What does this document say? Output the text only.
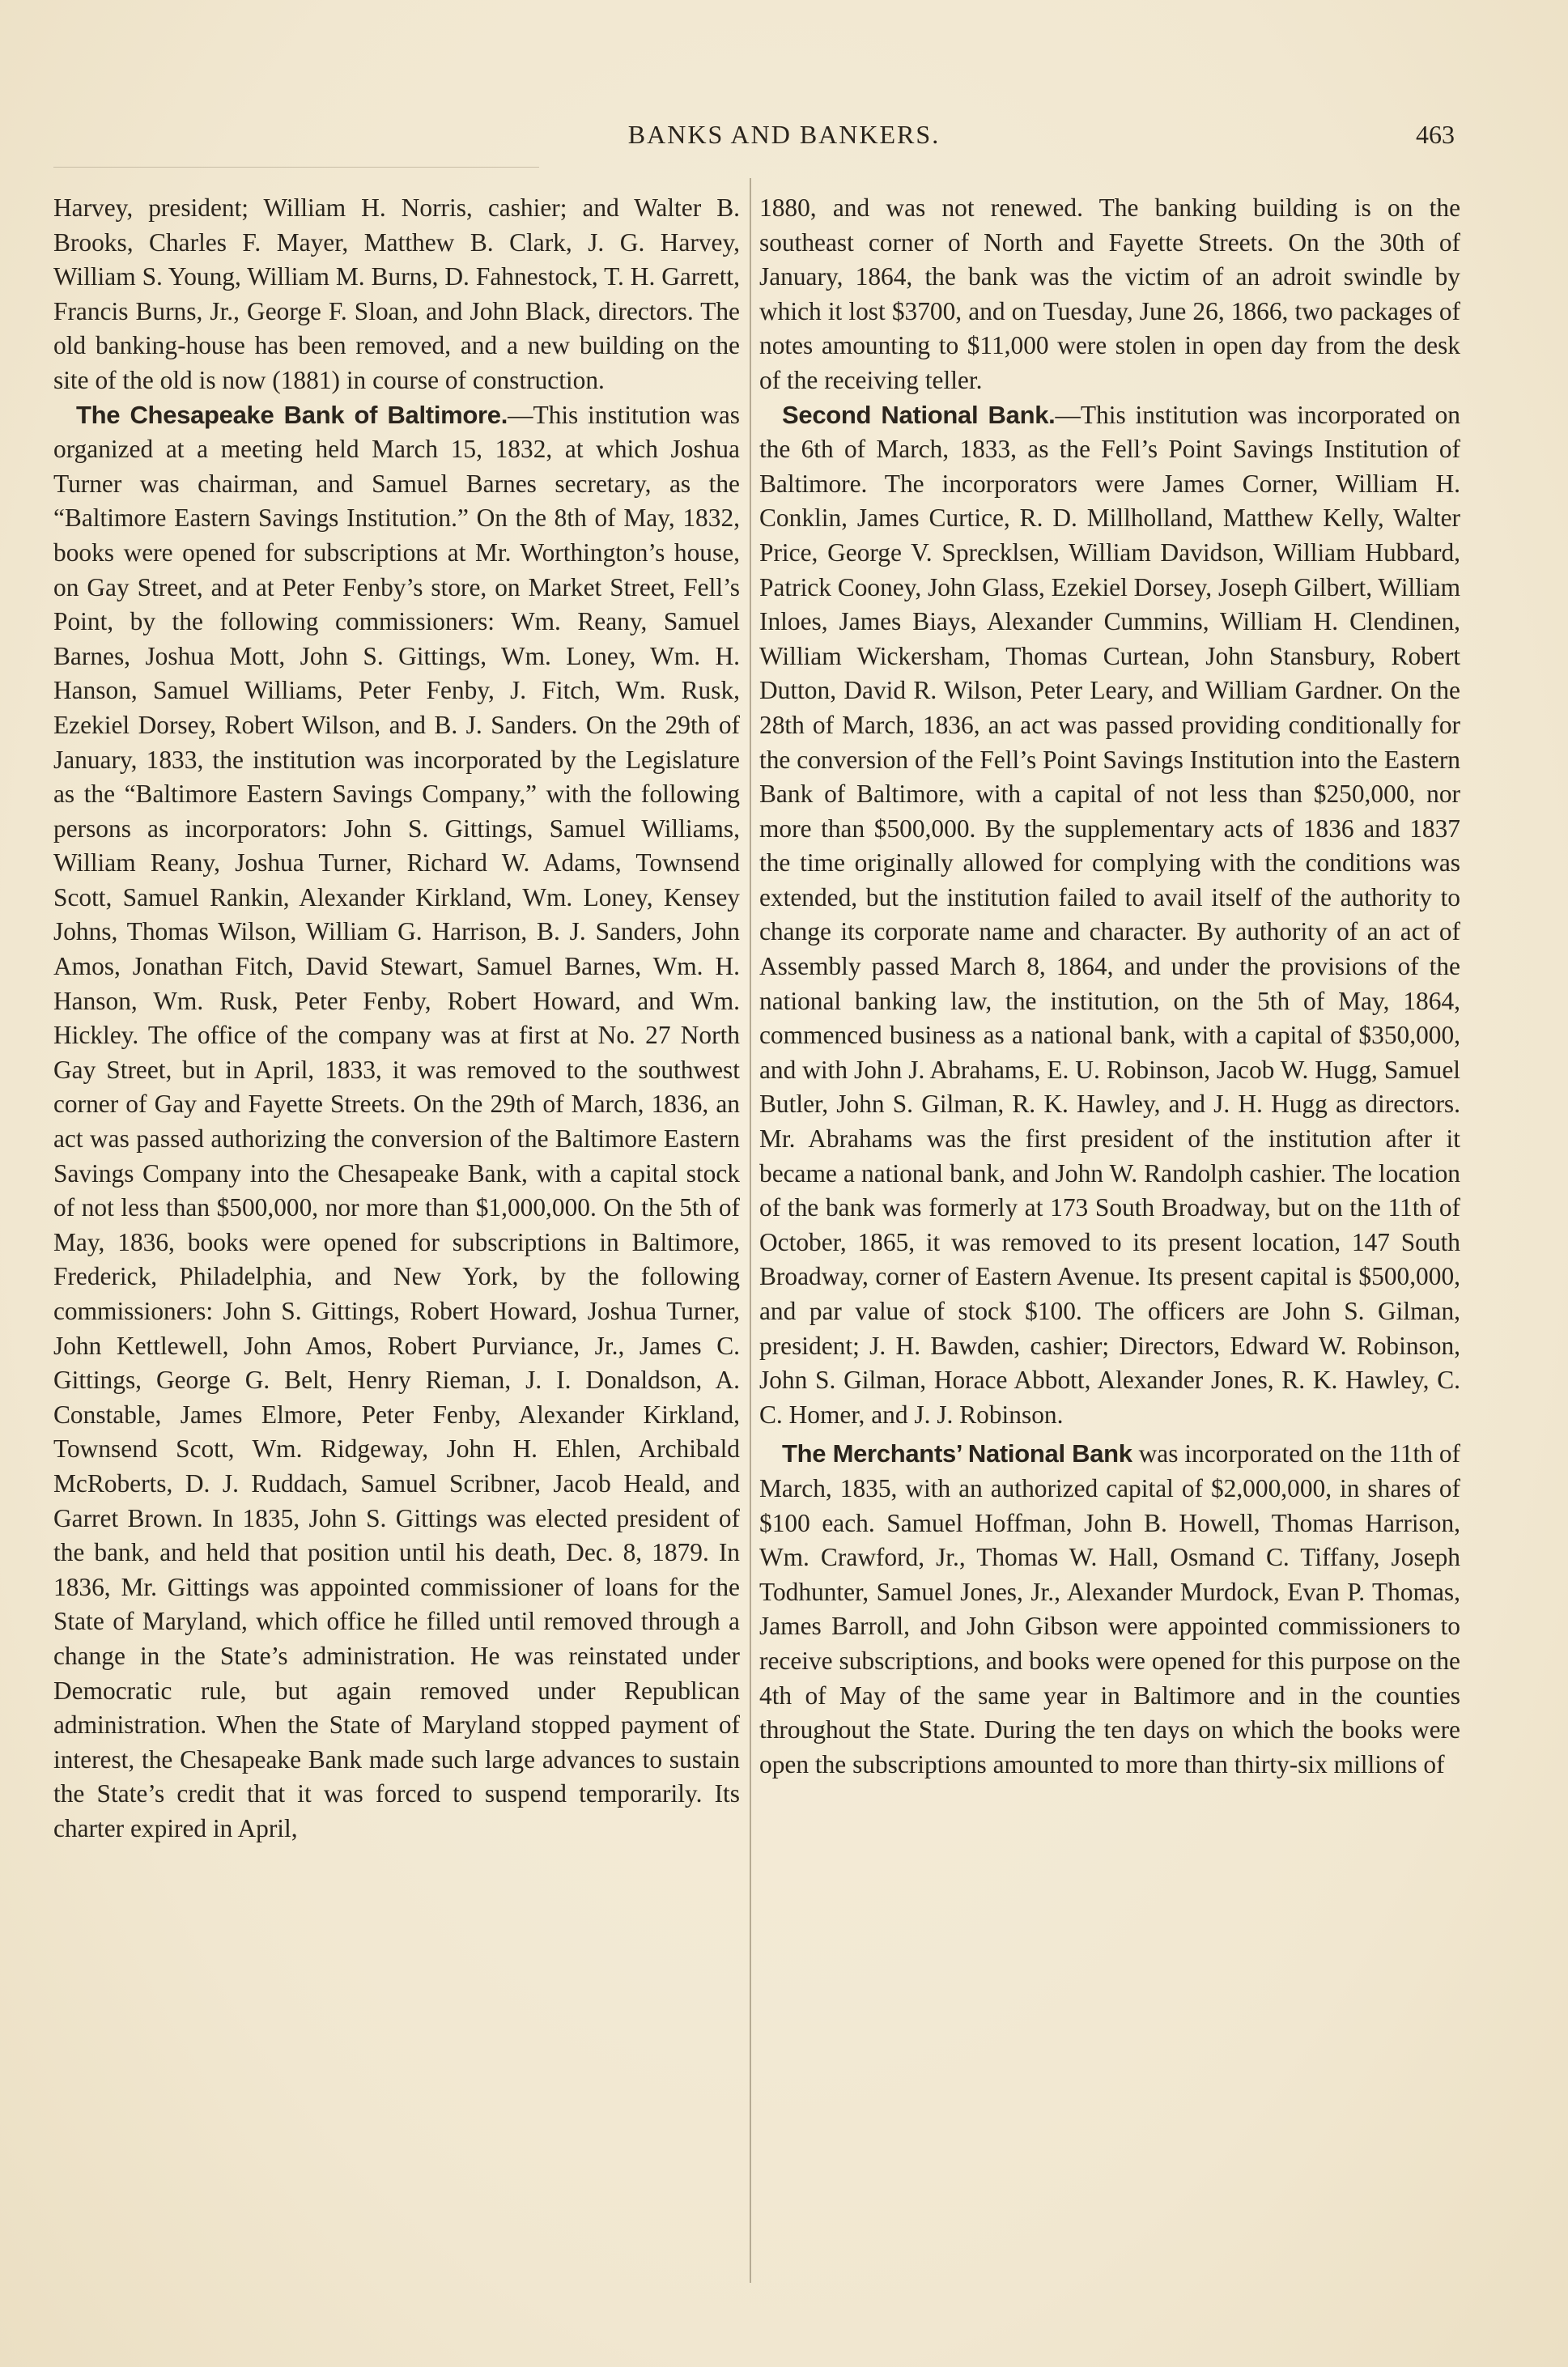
BANKS AND BANKERS.	463

Harvey, president; William H. Norris, cashier; and Walter B. Brooks, Charles F. Mayer, Matthew B. Clark, J. G. Harvey, William S. Young, William M. Burns, D. Fahnestock, T. H. Garrett, Francis Burns, Jr., George F. Sloan, and John Black, directors. The old banking-house has been removed, and a new building on the site of the old is now (1881) in course of construction.

The Chesapeake Bank of Baltimore.—This institution was organized at a meeting held March 15, 1832, at which Joshua Turner was chairman, and Samuel Barnes secretary, as the “Baltimore Eastern Savings Institution.” On the 8th of May, 1832, books were opened for subscriptions at Mr. Worthington’s house, on Gay Street, and at Peter Fenby’s store, on Market Street, Fell’s Point, by the following commissioners: Wm. Reany, Samuel Barnes, Joshua Mott, John S. Gittings, Wm. Loney, Wm. H. Hanson, Samuel Williams, Peter Fenby, J. Fitch, Wm. Rusk, Ezekiel Dorsey, Robert Wilson, and B. J. Sanders. On the 29th of January, 1833, the institution was incorporated by the Legislature as the “Baltimore Eastern Savings Company,” with the following persons as incorporators: John S. Gittings, Samuel Williams, William Reany, Joshua Turner, Richard W. Adams, Townsend Scott, Samuel Rankin, Alexander Kirkland, Wm. Loney, Kensey Johns, Thomas Wilson, William G. Harrison, B. J. Sanders, John Amos, Jonathan Fitch, David Stewart, Samuel Barnes, Wm. H. Hanson, Wm. Rusk, Peter Fenby, Robert Howard, and Wm. Hickley. The office of the company was at first at No. 27 North Gay Street, but in April, 1833, it was removed to the southwest corner of Gay and Fayette Streets. On the 29th of March, 1836, an act was passed authorizing the conversion of the Baltimore Eastern Savings Company into the Chesapeake Bank, with a capital stock of not less than $500,000, nor more than $1,000,000. On the 5th of May, 1836, books were opened for subscriptions in Baltimore, Frederick, Philadelphia, and New York, by the following commissioners: John S. Gittings, Robert Howard, Joshua Turner, John Kettlewell, John Amos, Robert Purviance, Jr., James C. Gittings, George G. Belt, Henry Rieman, J. I. Donaldson, A. Constable, James Elmore, Peter Fenby, Alexander Kirkland, Townsend Scott, Wm. Ridgeway, John H. Ehlen, Archibald McRoberts, D. J. Ruddach, Samuel Scribner, Jacob Heald, and Garret Brown. In 1835, John S. Gittings was elected president of the bank, and held that position until his death, Dec. 8, 1879. In 1836, Mr. Gittings was appointed commissioner of loans for the State of Maryland, which office he filled until removed through a change in the State’s administration. He was reinstated under Democratic rule, but again removed under Republican administration. When the State of Maryland stopped payment of interest, the Chesapeake Bank made such large advances to sustain the State’s credit that it was forced to suspend temporarily. Its charter expired in April,

1880, and was not renewed. The banking building is on the southeast corner of North and Fayette Streets. On the 30th of January, 1864, the bank was the victim of an adroit swindle by which it lost $3700, and on Tuesday, June 26, 1866, two packages of notes amounting to $11,000 were stolen in open day from the desk of the receiving teller.

Second National Bank.—This institution was incorporated on the 6th of March, 1833, as the Fell’s Point Savings Institution of Baltimore. The incorporators were James Corner, William H. Conklin, James Curtice, R. D. Millholland, Matthew Kelly, Walter Price, George V. Sprecklsen, William Davidson, William Hubbard, Patrick Cooney, John Glass, Ezekiel Dorsey, Joseph Gilbert, William Inloes, James Biays, Alexander Cummins, William H. Clendinen, William Wickersham, Thomas Curtean, John Stansbury, Robert Dutton, David R. Wilson, Peter Leary, and William Gardner. On the 28th of March, 1836, an act was passed providing conditionally for the conversion of the Fell’s Point Savings Institution into the Eastern Bank of Baltimore, with a capital of not less than $250,000, nor more than $500,000. By the supplementary acts of 1836 and 1837 the time originally allowed for complying with the conditions was extended, but the institution failed to avail itself of the authority to change its corporate name and character. By authority of an act of Assembly passed March 8, 1864, and under the provisions of the national banking law, the institution, on the 5th of May, 1864, commenced business as a national bank, with a capital of $350,000, and with John J. Abrahams, E. U. Robinson, Jacob W. Hugg, Samuel Butler, John S. Gilman, R. K. Hawley, and J. H. Hugg as directors. Mr. Abrahams was the first president of the institution after it became a national bank, and John W. Randolph cashier. The location of the bank was formerly at 173 South Broadway, but on the 11th of October, 1865, it was removed to its present location, 147 South Broadway, corner of Eastern Avenue. Its present capital is $500,000, and par value of stock $100. The officers are John S. Gilman, president; J. H. Bawden, cashier; Directors, Edward W. Robinson, John S. Gilman, Horace Abbott, Alexander Jones, R. K. Hawley, C. C. Homer, and J. J. Robinson.

The Merchants’ National Bank was incorporated on the 11th of March, 1835, with an authorized capital of $2,000,000, in shares of $100 each. Samuel Hoffman, John B. Howell, Thomas Harrison, Wm. Crawford, Jr., Thomas W. Hall, Osmand C. Tiffany, Joseph Todhunter, Samuel Jones, Jr., Alexander Murdock, Evan P. Thomas, James Barroll, and John Gibson were appointed commissioners to receive subscriptions, and books were opened for this purpose on the 4th of May of the same year in Baltimore and in the counties throughout the State. During the ten days on which the books were open the subscriptions amounted to more than thirty-six millions of
